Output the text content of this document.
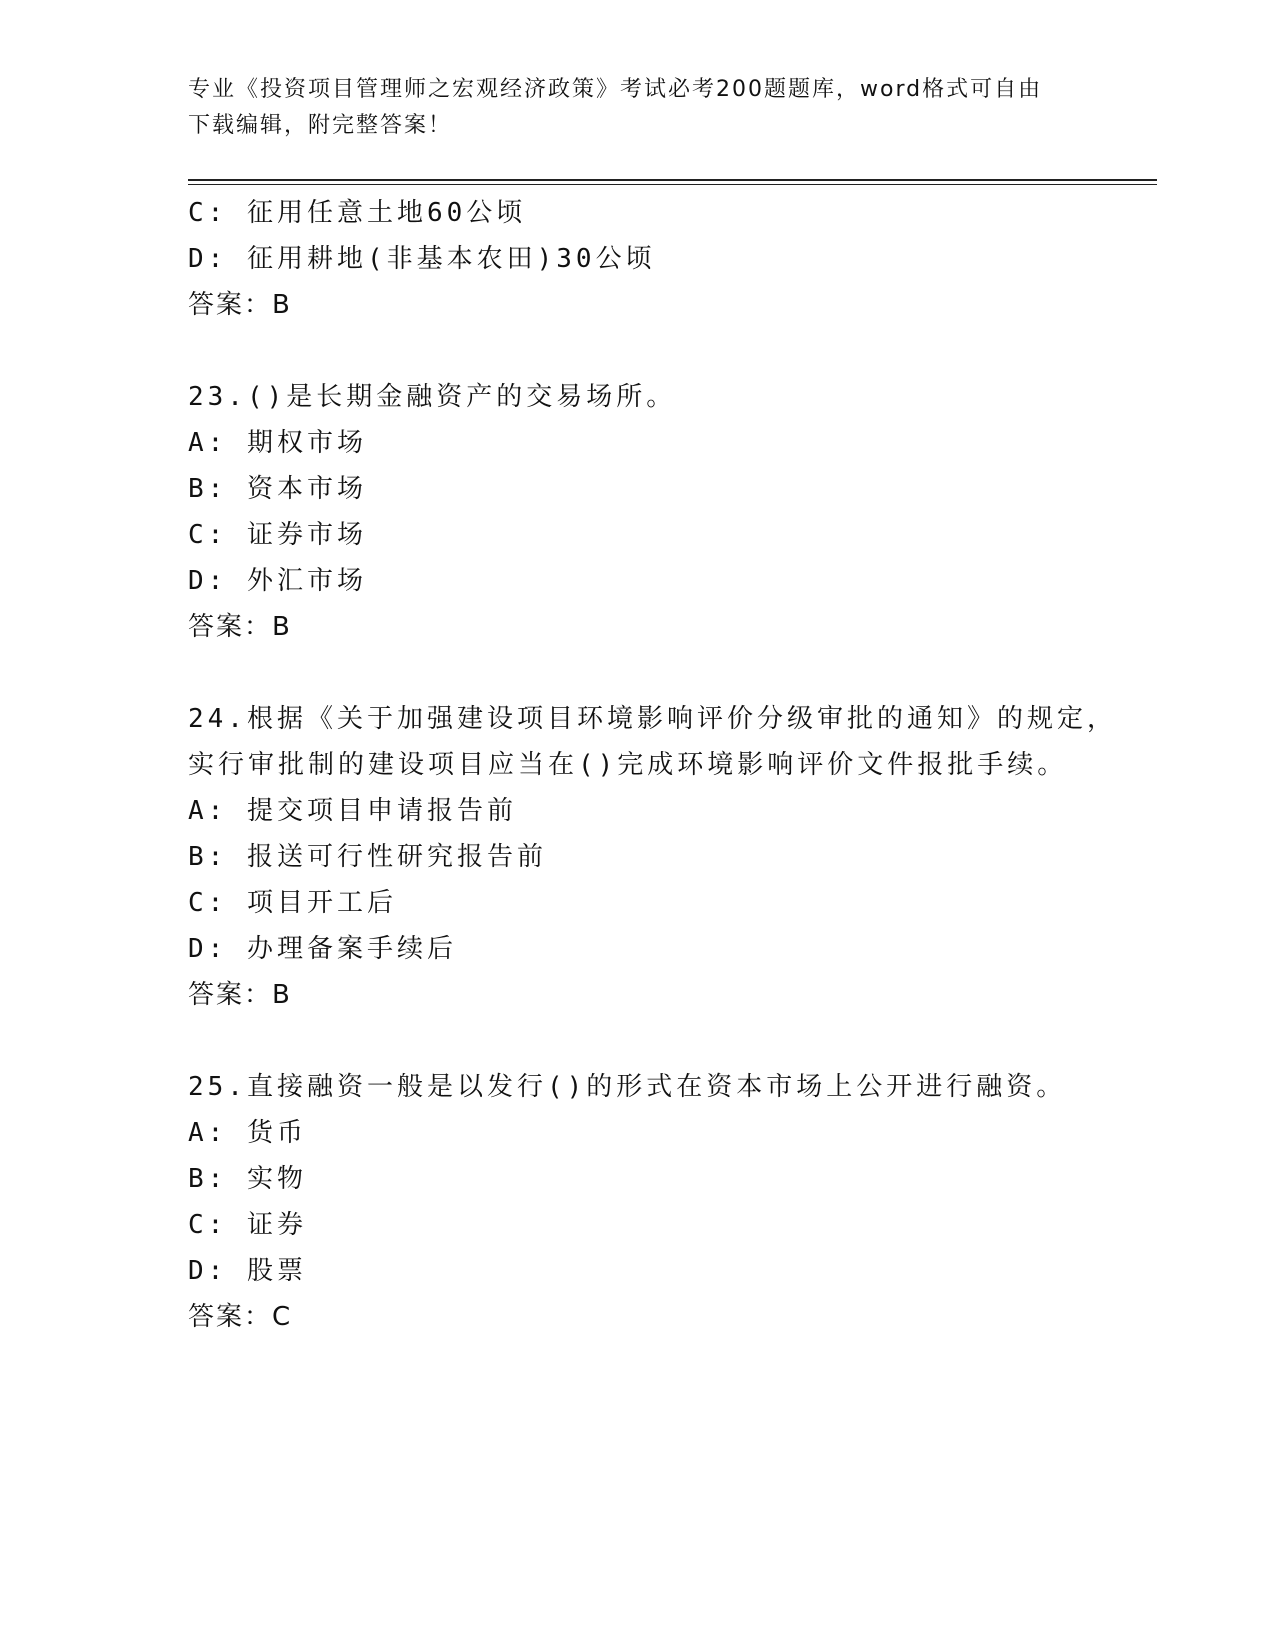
专业《投资项目管理师之宏观经济政策》考试必考200题题库，word格式可自由
下载编辑，附完整答案！
C: 征用任意土地60公顷
D: 征用耕地(非基本农田)30公顷
答案：B
23.()是长期金融资产的交易场所。
A: 期权市场
B: 资本市场
C: 证券市场
D: 外汇市场
答案：B
24.根据《关于加强建设项目环境影响评价分级审批的通知》的规定，
实行审批制的建设项目应当在()完成环境影响评价文件报批手续。
A: 提交项目申请报告前
B: 报送可行性研究报告前
C: 项目开工后
D: 办理备案手续后
答案：B
25.直接融资一般是以发行()的形式在资本市场上公开进行融资。
A: 货币
B: 实物
C: 证券
D: 股票
答案：C
